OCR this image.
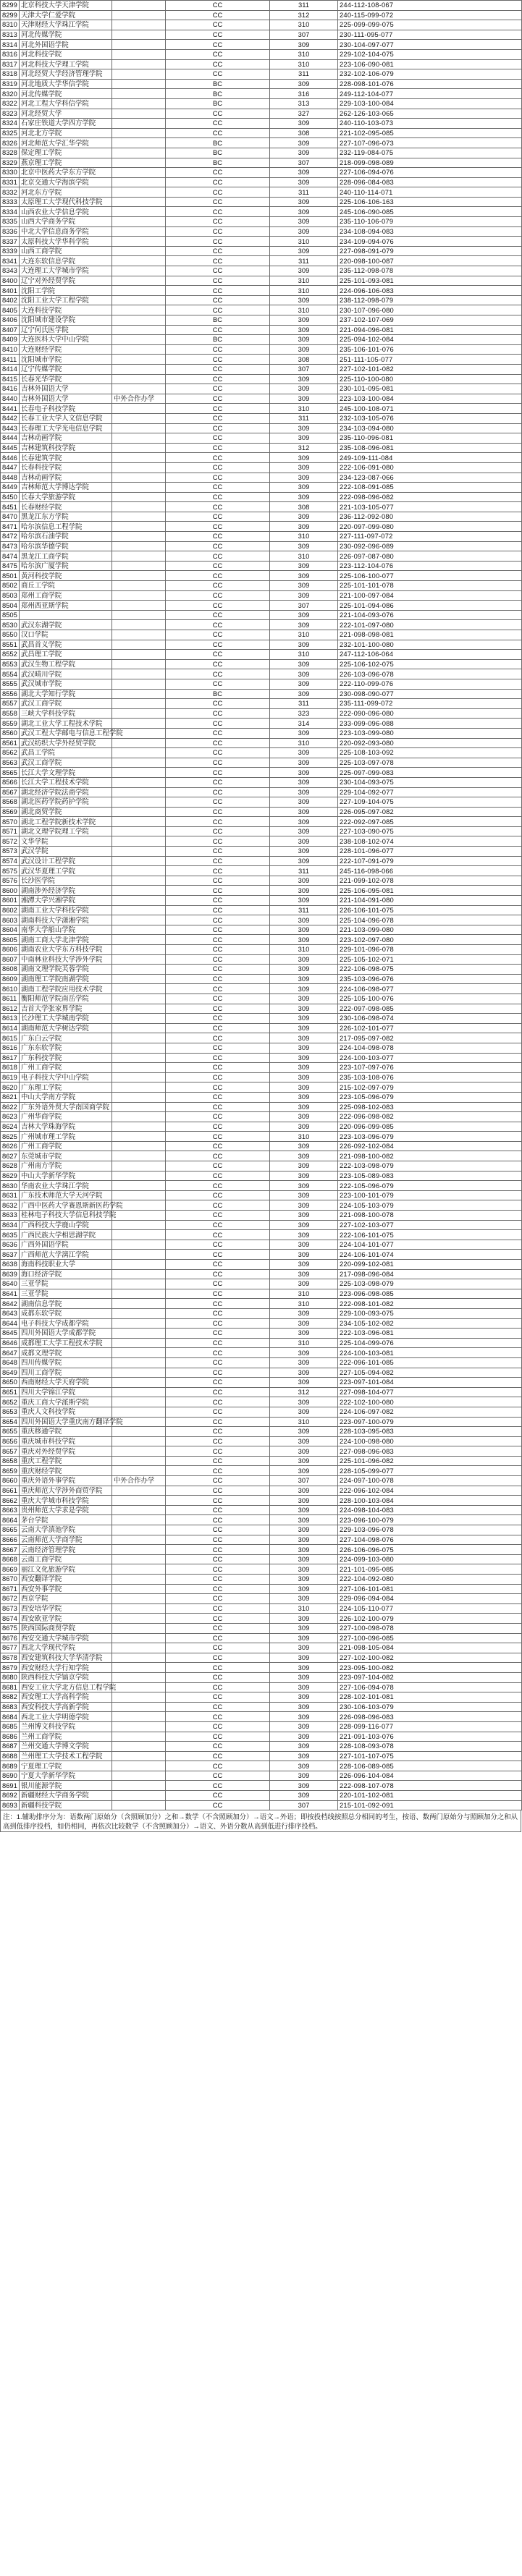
8299	北京科技大学天津学院		CC	311	244-112-108-067
8299	天津大学仁爱学院		CC	312	240-115-099-072
8310	天津财经大学珠江学院		CC	310	225-099-099-075
8313	河北传媒学院		CC	307	230-111-095-077
8314	河北外国语学院		CC	309	230-104-097-077
8316	河北科技学院		CC	310	229-102-104-075
8317	河北科技大学理工学院		CC	310	223-106-090-081
8318	河北经贸大学经济管理学院		CC	311	232-102-106-079
8319	河北地质大学华信学院		BC	309	228-098-101-076
8320	河北传媒学院		BC	316	249-112-104-077
8322	河北工程大学科信学院		BC	313	229-103-100-084
8323	河北经贸大学		CC	327	262-126-103-065
8324	石家庄铁道大学四方学院		CC	309	240-110-103-073
8325	河北北方学院		CC	308	221-102-095-085
8326	河北师范大学汇华学院		BC	309	227-107-096-073
8328	保定理工学院		BC	309	232-119-084-075
8329	燕京理工学院		BC	307	218-099-098-089
8330	北京中医药大学东方学院		CC	309	227-106-094-076
8331	北京交通大学海滨学院		CC	309	228-096-084-083
8332	河北东方学院		CC	311	240-110-114-071
8333	太原理工大学现代科技学院		CC	309	225-106-106-163
8334	山西农业大学信息学院		CC	309	245-106-090-085
8335	山西大学商务学院		CC	309	235-110-106-079
8336	中北大学信息商务学院		CC	309	234-108-094-083
8337	太原科技大学华科学院		CC	310	234-109-094-076
8339	山西工商学院		CC	309	227-098-091-079
8341	大连东软信息学院		CC	311	220-098-100-087
8343	大连理工大学城市学院		CC	309	235-112-098-078
8400	辽宁对外经贸学院		CC	310	225-101-093-081
8401	沈阳工学院		CC	310	224-096-106-083
8402	沈阳工业大学工程学院		CC	309	238-112-098-079
8405	大连科技学院		CC	310	230-107-096-080
8406	沈阳城市建设学院		BC	309	237-102-107-069
8407	辽宁何氏医学院		CC	309	221-094-096-081
8409	大连医科大学中山学院		BC	309	225-094-102-084
8410	大连财经学院		CC	309	235-106-101-076
8411	沈阳城市学院		CC	308	251-111-105-077
8414	辽宁传媒学院		CC	307	227-102-101-082
8415	长春光华学院		CC	309	225-110-100-080
8416	吉林外国语大学		CC	309	230-101-095-081
8440	吉林外国语大学	中外合作办学	CC	309	223-103-100-084
8441	长春电子科技学院		CC	310	245-100-108-071
8442	长春工业大学人文信息学院		CC	311	232-103-105-076
8443	长春理工大学光电信息学院		CC	309	234-103-094-080
8444	吉林动画学院		CC	309	235-110-096-081
8445	吉林建筑科技学院		CC	312	235-108-096-081
8446	长春建筑学院		CC	309	249-109-111-084
8447	长春科技学院		CC	309	222-106-091-080
8448	吉林动画学院		CC	309	234-123-087-066
8449	吉林师范大学博达学院		CC	309	222-108-091-085
8450	长春大学旅游学院		CC	309	222-098-096-082
8451	长春财经学院		CC	308	221-103-105-077
8470	黑龙江东方学院		CC	309	236-112-092-080
8471	哈尔滨信息工程学院		CC	309	220-097-099-080
8472	哈尔滨石油学院		CC	310	227-111-097-072
8473	哈尔滨华德学院		CC	309	230-092-096-089
8474	黑龙江工商学院		CC	310	226-097-087-080
8475	哈尔滨广厦学院		CC	309	223-112-104-076
8501	黄河科技学院		CC	309	225-106-100-077
8502	商丘工学院		CC	309	225-101-101-078
8503	郑州工商学院		CC	309	221-100-097-084
8504	郑州西亚斯学院		CC	307	225-101-094-086
8505			CC	309	221-104-093-076
8530	武汉东湖学院		CC	309	222-101-097-080
8550	汉口学院		CC	310	221-098-098-081
8551	武昌首义学院		CC	309	232-101-100-080
8552	武昌理工学院		CC	310	247-112-106-064
8553	武汉生物工程学院		CC	309	225-106-102-075
8554	武汉晴川学院		CC	309	226-103-096-078
8555	武汉城市学院		CC	309	222-110-099-076
8556	湖北大学知行学院		BC	309	230-098-090-077
8557	武汉工商学院		CC	311	235-111-099-072
8558	三峡大学科技学院		CC	323	222-090-096-080
8559	湖北工业大学工程技术学院		CC	314	233-099-096-088
8560	武汉工程大学邮电与信息工程学院		CC	309	223-103-099-080
8561	武汉纺织大学外经贸学院		CC	310	220-092-093-080
8562	武昌工学院		CC	309	225-108-103-092
8563	武汉工商学院		CC	309	225-103-097-078
8565	长江大学文理学院		CC	309	225-097-099-083
8566	长江大学工程技术学院		CC	309	230-104-093-075
8567	湖北经济学院法商学院		CC	309	229-104-092-077
8568	湖北医药学院药护学院		CC	309	227-109-104-075
8569	湖北商贸学院		CC	309	226-095-097-082
8570	湖北工程学院新技术学院		CC	309	222-092-097-085
8571	湖北文理学院理工学院		CC	309	227-103-090-075
8572	文华学院		CC	309	238-108-102-074
8573	武汉学院		CC	309	228-101-096-077
8574	武汉设计工程学院		CC	309	222-107-091-079
8575	武汉华夏理工学院		CC	311	245-116-098-066
8576	长沙医学院		CC	309	221-099-102-078
8600	湖南涉外经济学院		CC	309	225-106-095-081
8601	湘潭大学兴湘学院		CC	309	221-104-091-080
8602	湖南工业大学科技学院		CC	311	226-106-101-075
8603	湖南科技大学潇湘学院		CC	309	225-104-096-078
8604	南华大学船山学院		CC	309	221-103-099-080
8605	湖南工商大学北津学院		CC	309	223-102-097-080
8606	湖南农业大学东方科技学院		CC	310	229-101-096-078
8607	中南林业科技大学涉外学院		CC	309	225-105-102-071
8608	湖南文理学院芙蓉学院		CC	309	222-106-098-075
8609	湖南理工学院南湖学院		CC	309	235-103-096-076
8610	湖南工程学院应用技术学院		CC	309	224-106-098-077
8611	衡阳师范学院南岳学院		CC	309	225-105-100-076
8612	吉首大学张家界学院		CC	309	222-097-098-085
8613	长沙理工大学城南学院		CC	309	230-106-098-074
8614	湖南师范大学树达学院		CC	309	226-102-101-077
8615	广东白云学院		CC	309	217-095-097-082
8616	广东东软学院		CC	309	224-104-098-078
8617	广东科技学院		CC	309	224-100-103-077
8618	广州工商学院		CC	309	223-107-097-076
8619	电子科技大学中山学院		CC	309	235-103-108-076
8620	广东理工学院		CC	309	215-102-097-079
8621	中山大学南方学院		CC	309	223-105-096-079
8622	广东外语外贸大学南国商学院		CC	309	225-098-102-083
8623	广州华商学院		CC	309	222-096-098-082
8624	吉林大学珠海学院		CC	309	220-096-099-085
8625	广州城市理工学院		CC	310	223-103-096-079
8626	广州工商学院		CC	309	226-092-102-084
8627	东莞城市学院		CC	309	221-098-100-082
8628	广州南方学院		CC	309	222-103-098-079
8629	中山大学新华学院		CC	309	223-105-089-083
8630	华南农业大学珠江学院		CC	309	222-105-096-079
8631	广东技术师范大学天河学院		CC	309	223-100-101-079
8632	广西中医药大学赛恩斯新医药学院		CC	309	224-105-103-079
8633	桂林电子科技大学信息科技学院		CC	309	221-098-100-078
8634	广西科技大学鹿山学院		CC	309	227-102-103-077
8635	广西民族大学相思湖学院		CC	309	222-106-101-075
8636	广西外国语学院		CC	309	224-104-101-077
8637	广西师范大学漓江学院		CC	309	224-106-101-074
8638	海南科技职业大学		CC	309	220-099-102-081
8639	海口经济学院		CC	309	217-098-096-084
8640	三亚学院		CC	309	225-103-098-079
8641	三亚学院		CC	310	223-096-098-085
8642	湖南信息学院		CC	310	222-098-101-082
8643	成都东软学院		CC	309	229-100-093-075
8644	电子科技大学成都学院		CC	309	234-105-102-082
8645	四川外国语大学成都学院		CC	309	222-103-096-081
8646	成都理工大学工程技术学院		CC	310	225-104-099-076
8647	成都文理学院		CC	309	224-100-103-081
8648	四川传媒学院		CC	309	222-096-101-085
8649	四川工商学院		CC	309	227-105-094-082
8650	西南财经大学天府学院		CC	309	223-097-101-084
8651	四川大学锦江学院		CC	312	227-098-104-077
8652	重庆工商大学派斯学院		CC	309	222-102-100-080
8653	重庆人文科技学院		CC	309	224-106-097-082
8654	四川外国语大学重庆南方翻译学院		CC	310	223-097-100-079
8655	重庆移通学院		CC	309	228-103-095-083
8656	重庆城市科技学院		CC	309	224-100-098-080
8657	重庆对外经贸学院		CC	309	227-098-096-083
8658	重庆工程学院		CC	309	225-101-096-082
8659	重庆财经学院		CC	309	228-105-099-077
8660	重庆外语外事学院	中外合作办学	CC	307	224-097-100-078
8661	重庆师范大学涉外商贸学院		CC	309	222-096-102-084
8662	重庆大学城市科技学院		CC	309	228-100-103-084
8663	贵州师范大学求是学院		CC	309	224-098-104-083
8664	茅台学院		CC	309	223-096-100-079
8665	云南大学滇池学院		CC	309	229-103-096-078
8666	云南师范大学商学院		CC	309	227-104-098-076
8667	云南经济管理学院		CC	309	226-106-096-075
8668	云南工商学院		CC	309	224-099-103-080
8669	丽江文化旅游学院		CC	309	221-101-095-085
8670	西安翻译学院		CC	309	222-104-092-080
8671	西安外事学院		CC	309	227-106-101-081
8672	西京学院		CC	309	229-096-094-084
8673	西安培华学院		CC	310	224-105-110-077
8674	西安欧亚学院		CC	309	226-102-100-079
8675	陕西国际商贸学院		CC	309	227-100-098-078
8676	西安交通大学城市学院		CC	309	227-100-096-085
8677	西北大学现代学院		CC	309	221-098-105-084
8678	西安建筑科技大学华清学院		CC	309	227-102-100-082
8679	西安财经大学行知学院		CC	309	223-095-100-082
8680	陕西科技大学镐京学院		CC	309	223-097-104-082
8681	西安工业大学北方信息工程学院		CC	309	227-106-094-078
8682	西安理工大学高科学院		CC	309	228-102-101-081
8683	西安科技大学高新学院		CC	309	230-106-103-079
8684	西北工业大学明德学院		CC	309	226-098-096-083
8685	兰州博文科技学院		CC	309	228-099-116-077
8686	兰州工商学院		CC	309	221-091-103-076
8687	兰州交通大学博文学院		CC	309	228-108-093-078
8688	兰州理工大学技术工程学院		CC	309	227-101-107-075
8689	宁夏理工学院		CC	309	228-106-089-085
8690	宁夏大学新华学院		CC	309	226-096-104-084
8691	银川能源学院		CC	309	222-098-107-078
8692	新疆财经大学商务学院		CC	309	220-101-102-081
8693	新疆科技学院		CC	307	215-101-092-091
注：1.辅助排序分为：语数两门原始分（含照顾加分）之和→数学（不含照顾加分）→语文→外语；即按投档线按照总分相同的考生，按语、数两门原始分与照顾加分之和从高到低排序投档，如仍相同，再依次比较数学（不含照顾加分）→语文、外语分数从高到低进行排序投档。
